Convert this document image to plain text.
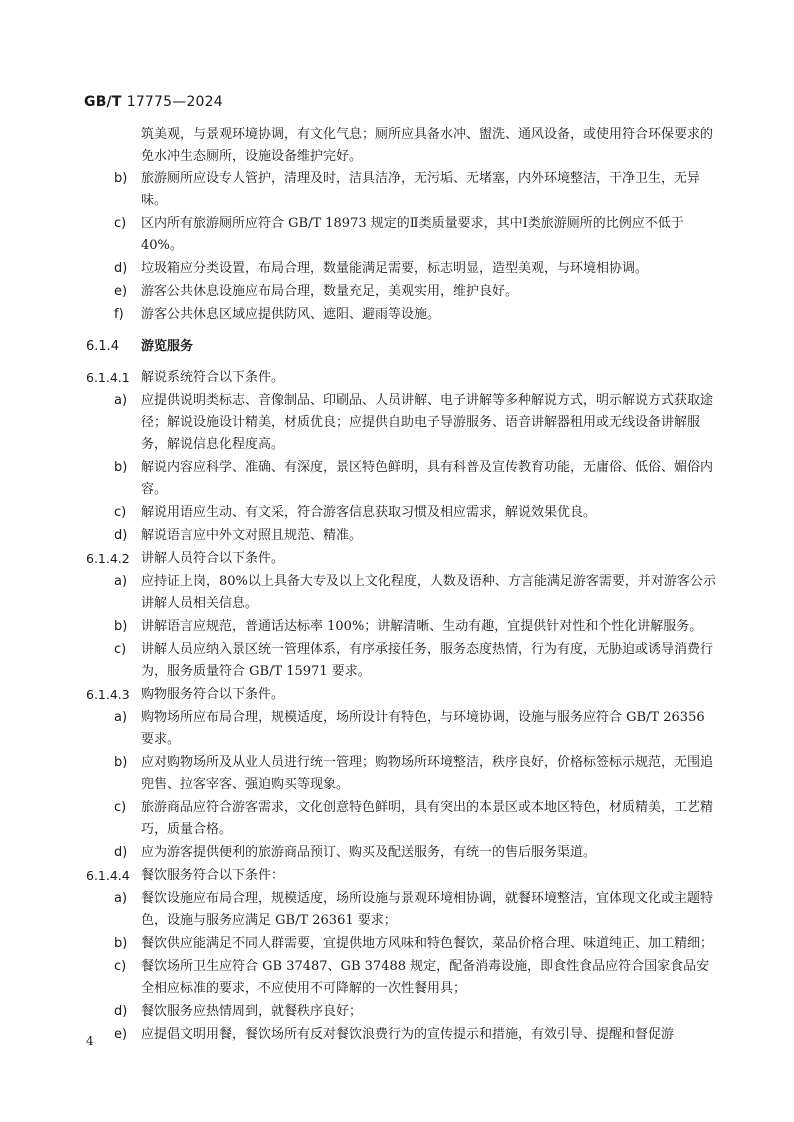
GB/T 17775—2024
筑美观，与景观环境协调，有文化气息；厕所应具备水冲、盥洗、通风设备，或使用符合环保要求的免水冲生态厕所，设施设备维护完好。
b) 旅游厕所应设专人管护，清理及时，洁具洁净，无污垢、无堵塞，内外环境整洁，干净卫生，无异味。
c) 区内所有旅游厕所应符合 GB/T 18973 规定的Ⅱ类质量要求，其中Ⅰ类旅游厕所的比例应不低于 40%。
d) 垃圾箱应分类设置，布局合理，数量能满足需要，标志明显，造型美观，与环境相协调。
e) 游客公共休息设施应布局合理，数量充足，美观实用，维护良好。
f) 游客公共休息区域应提供防风、遮阳、避雨等设施。
6.1.4 游览服务
6.1.4.1 解说系统符合以下条件。
a) 应提供说明类标志、音像制品、印刷品、人员讲解、电子讲解等多种解说方式，明示解说方式获取途径；解说设施设计精美，材质优良；应提供自助电子导游服务、语音讲解器租用或无线设备讲解服务，解说信息化程度高。
b) 解说内容应科学、准确、有深度，景区特色鲜明，具有科普及宣传教育功能，无庸俗、低俗、媚俗内容。
c) 解说用语应生动、有文采，符合游客信息获取习惯及相应需求，解说效果优良。
d) 解说语言应中外文对照且规范、精准。
6.1.4.2 讲解人员符合以下条件。
a) 应持证上岗，80%以上具备大专及以上文化程度，人数及语种、方言能满足游客需要，并对游客公示讲解人员相关信息。
b) 讲解语言应规范，普通话达标率 100%；讲解清晰、生动有趣，宜提供针对性和个性化讲解服务。
c) 讲解人员应纳入景区统一管理体系，有序承接任务，服务态度热情，行为有度，无胁迫或诱导消费行为，服务质量符合 GB/T 15971 要求。
6.1.4.3 购物服务符合以下条件。
a) 购物场所应布局合理，规模适度，场所设计有特色，与环境协调，设施与服务应符合 GB/T 26356要求。
b) 应对购物场所及从业人员进行统一管理；购物场所环境整洁，秩序良好，价格标签标示规范，无围追兜售、拉客宰客、强迫购买等现象。
c) 旅游商品应符合游客需求，文化创意特色鲜明，具有突出的本景区或本地区特色，材质精美，工艺精巧，质量合格。
d) 应为游客提供便利的旅游商品预订、购买及配送服务，有统一的售后服务渠道。
6.1.4.4 餐饮服务符合以下条件：
a) 餐饮设施应布局合理，规模适度，场所设施与景观环境相协调，就餐环境整洁，宜体现文化或主题特色，设施与服务应满足 GB/T 26361 要求；
b) 餐饮供应能满足不同人群需要，宜提供地方风味和特色餐饮，菜品价格合理、味道纯正、加工精细；
c) 餐饮场所卫生应符合 GB 37487、GB 37488 规定，配备消毒设施，即食性食品应符合国家食品安全相应标准的要求，不应使用不可降解的一次性餐用具；
d) 餐饮服务应热情周到，就餐秩序良好；
e) 应提倡文明用餐，餐饮场所有反对餐饮浪费行为的宣传提示和措施，有效引导、提醒和督促游
4
